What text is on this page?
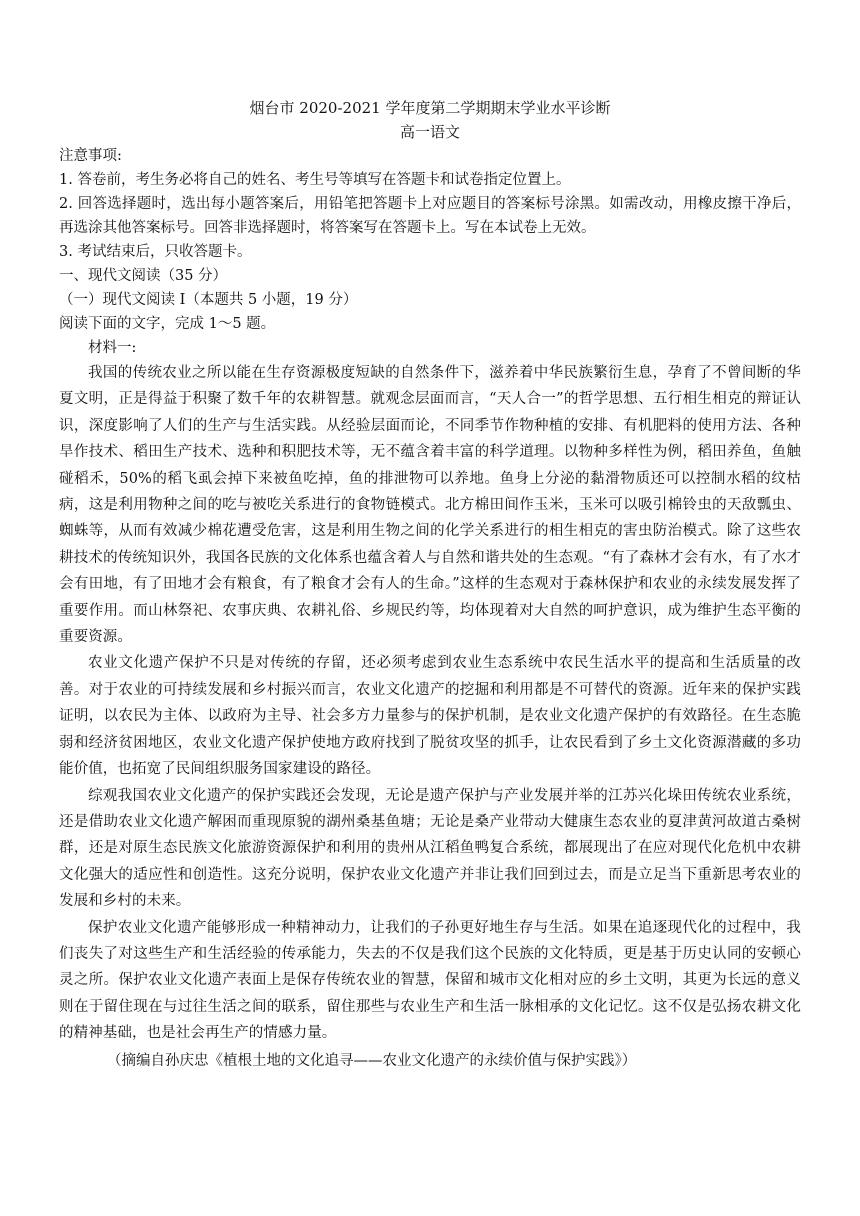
烟台市 2020-2021 学年度第二学期期末学业水平诊断

高一语文

注意事项:

1. 答卷前，考生务必将自己的姓名、考生号等填写在答题卡和试卷指定位置上。

2. 回答选择题时，选出每小题答案后，用铅笔把答题卡上对应题目的答案标号涂黑。如需改动，用橡皮擦干净后，再选涂其他答案标号。回答非选择题时，将答案写在答题卡上。写在本试卷上无效。

3. 考试结束后，只收答题卡。

一、现代文阅读（35 分）

（一）现代文阅读 I（本题共 5 小题，19 分）

阅读下面的文字，完成 1～5 题。

材料一:

我国的传统农业之所以能在生存资源极度短缺的自然条件下，滋养着中华民族繁衍生息，孕育了不曾间断的华夏文明，正是得益于积聚了数千年的农耕智慧。就观念层面而言，“天人合一”的哲学思想、五行相生相克的辩证认识，深度影响了人们的生产与生活实践。从经验层面而论，不同季节作物种植的安排、有机肥料的使用方法、各种旱作技术、稻田生产技术、选种和积肥技术等，无不蕴含着丰富的科学道理。以物种多样性为例，稻田养鱼，鱼触碰稻禾，50%的稻飞虱会掉下来被鱼吃掉，鱼的排泄物可以养地。鱼身上分泌的黏滑物质还可以控制水稻的纹枯病，这是利用物种之间的吃与被吃关系进行的食物链模式。北方棉田间作玉米，玉米可以吸引棉铃虫的天敌瓢虫、蜘蛛等，从而有效减少棉花遭受危害，这是利用生物之间的化学关系进行的相生相克的害虫防治模式。除了这些农耕技术的传统知识外，我国各民族的文化体系也蕴含着人与自然和谐共处的生态观。“有了森林才会有水，有了水才会有田地，有了田地才会有粮食，有了粮食才会有人的生命。”这样的生态观对于森林保护和农业的永续发展发挥了重要作用。而山林祭祀、农事庆典、农耕礼俗、乡规民约等，均体现着对大自然的呵护意识，成为维护生态平衡的重要资源。

农业文化遗产保护不只是对传统的存留，还必须考虑到农业生态系统中农民生活水平的提高和生活质量的改善。对于农业的可持续发展和乡村振兴而言，农业文化遗产的挖掘和利用都是不可替代的资源。近年来的保护实践证明，以农民为主体、以政府为主导、社会多方力量参与的保护机制，是农业文化遗产保护的有效路径。在生态脆弱和经济贫困地区，农业文化遗产保护使地方政府找到了脱贫攻坚的抓手，让农民看到了乡土文化资源潜藏的多功能价值，也拓宽了民间组织服务国家建设的路径。

综观我国农业文化遗产的保护实践还会发现，无论是遗产保护与产业发展并举的江苏兴化垛田传统农业系统，还是借助农业文化遗产解困而重现原貌的湖州桑基鱼塘；无论是桑产业带动大健康生态农业的夏津黄河故道古桑树群，还是对原生态民族文化旅游资源保护和利用的贵州从江稻鱼鸭复合系统，都展现出了在应对现代化危机中农耕文化强大的适应性和创造性。这充分说明，保护农业文化遗产并非让我们回到过去，而是立足当下重新思考农业的发展和乡村的未来。

保护农业文化遗产能够形成一种精神动力，让我们的子孙更好地生存与生活。如果在追逐现代化的过程中，我们丧失了对这些生产和生活经验的传承能力，失去的不仅是我们这个民族的文化特质，更是基于历史认同的安顿心灵之所。保护农业文化遗产表面上是保存传统农业的智慧，保留和城市文化相对应的乡土文明，其更为长远的意义则在于留住现在与过往生活之间的联系，留住那些与农业生产和生活一脉相承的文化记忆。这不仅是弘扬农耕文化的精神基础，也是社会再生产的情感力量。

（摘编自孙庆忠《植根土地的文化追寻——农业文化遗产的永续价值与保护实践》）
